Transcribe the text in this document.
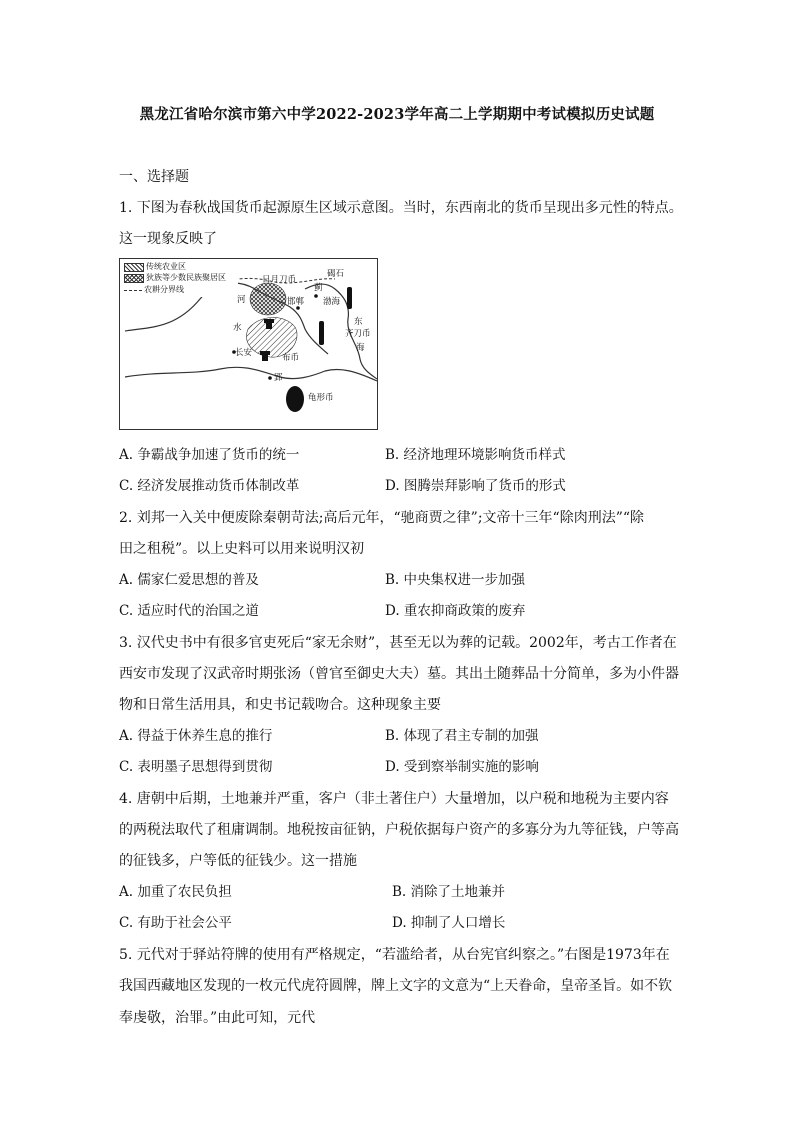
黑龙江省哈尔滨市第六中学2022-2023学年高二上学期期中考试模拟历史试题
一、选择题
1. 下图为春秋战国货币起源原生区域示意图。当时，东西南北的货币呈现出多元性的特点。
这一现象反映了
传统农业区
狄族等少数民族聚居区
农耕分界线
日月刀币
碣石
蓟
河	邯郸 渤海
东
齐刀币
水
海
长安	布币
郢
龟形币
A. 争霸战争加速了货币的统一	B. 经济地理环境影响货币样式
C. 经济发展推动货币体制改革	D. 图腾崇拜影响了货币的形式
2. 刘邦一入关中便废除秦朝苛法;高后元年，“驰商贾之律”;文帝十三年“除肉刑法”“除
田之租税”。以上史料可以用来说明汉初
A. 儒家仁爱思想的普及	B. 中央集权进一步加强
C. 适应时代的治国之道	D. 重农抑商政策的废弃
3. 汉代史书中有很多官吏死后“家无余财”，甚至无以为葬的记载。2002年，考古工作者在
西安市发现了汉武帝时期张汤（曾官至御史大夫）墓。其出土随葬品十分简单，多为小件器
物和日常生活用具，和史书记载吻合。这种现象主要
A. 得益于休养生息的推行	B. 体现了君主专制的加强
C. 表明墨子思想得到贯彻	D. 受到察举制实施的影响
4. 唐朝中后期，土地兼并严重，客户（非土著住户）大量增加，以户税和地税为主要内容
的两税法取代了租庸调制。地税按亩征钠，户税依据每户资产的多寡分为九等征钱，户等高
的征钱多，户等低的征钱少。这一措施
A. 加重了农民负担	B. 消除了土地兼并
C. 有助于社会公平	D. 抑制了人口增长
5. 元代对于驿站符牌的使用有严格规定，“若滥给者，从台宪官纠察之。”右图是1973年在
我国西藏地区发现的一枚元代虎符圆牌，牌上文字的文意为“上天眷命，皇帝圣旨。如不钦
奉虔敬，治罪。”由此可知，元代
